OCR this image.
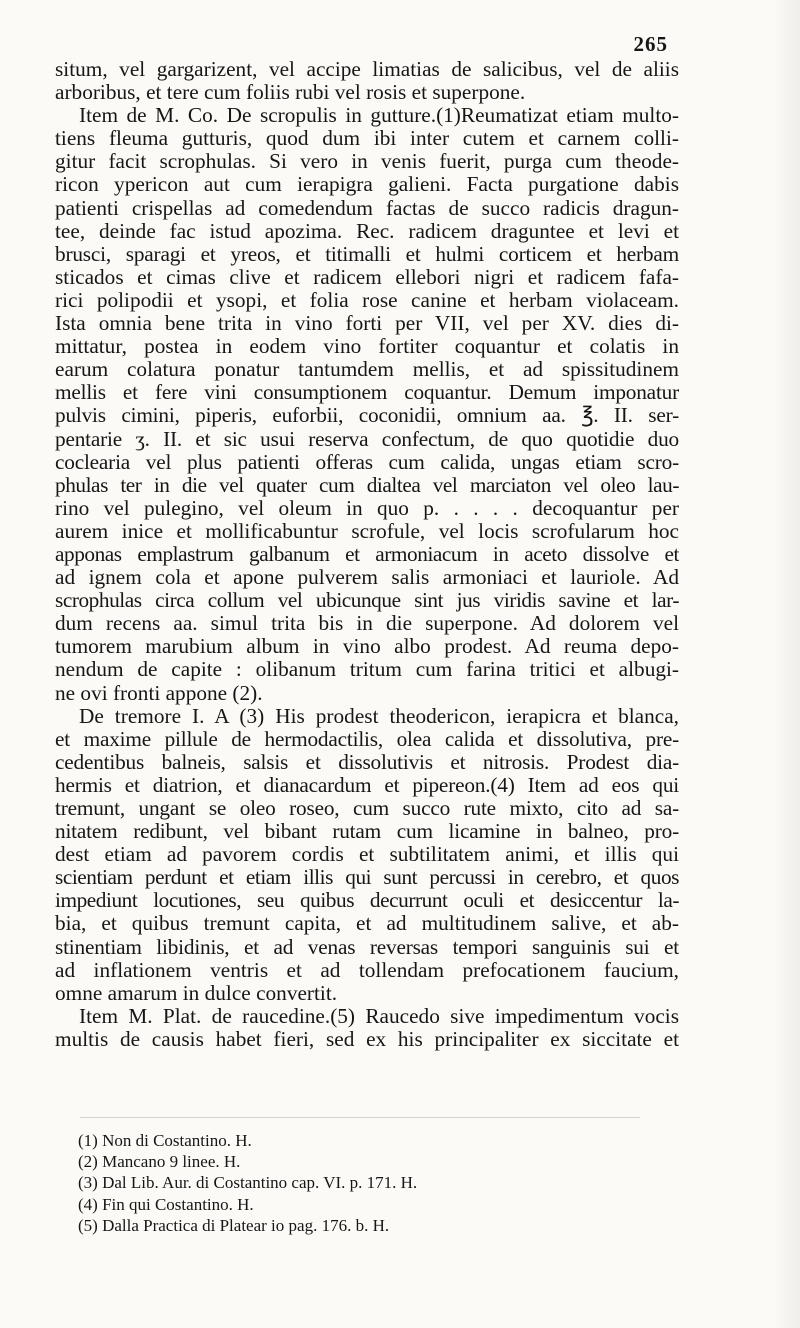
265
situm, vel gargarizent, vel accipe limatias de salicibus, vel de aliis
arboribus, et tere cum foliis rubi vel rosis et superpone.
Item de M. Co. De scropulis in gutture.(1)Reumatizat etiam multo-
tiens fleuma gutturis, quod dum ibi inter cutem et carnem colli-
gitur facit scrophulas. Si vero in venis fuerit, purga cum theode-
ricon ypericon aut cum ierapigra galieni. Facta purgatione dabis
patienti crispellas ad comedendum factas de succo radicis dragun-
tee, deinde fac istud apozima. Rec. radicem draguntee et levi et
brusci, sparagi et yreos, et titimalli et hulmi corticem et herbam
sticados et cimas clive et radicem ellebori nigri et radicem fafa-
rici polipodii et ysopi, et folia rose canine et herbam violaceam.
Ista omnia bene trita in vino forti per VII, vel per XV. dies di-
mittatur, postea in eodem vino fortiter coquantur et colatis in
earum colatura ponatur tantumdem mellis, et ad spissitudinem
mellis et fere vini consumptionem coquantur. Demum imponatur
pulvis cimini, piperis, euforbii, coconidii, omnium aa. ℥. II. ser-
pentarie ʒ. II. et sic usui reserva confectum, de quo quotidie duo
coclearia vel plus patienti offeras cum calida, ungas etiam scro-
phulas ter in die vel quater cum dialtea vel marciaton vel oleo lau-
rino vel pulegino, vel oleum in quo p. . . . . decoquantur per
aurem inice et mollificabuntur scrofule, vel locis scrofularum hoc
apponas emplastrum galbanum et armoniacum in aceto dissolve et
ad ignem cola et apone pulverem salis armoniaci et lauriole. Ad
scrophulas circa collum vel ubicunque sint jus viridis savine et lar-
dum recens aa. simul trita bis in die superpone. Ad dolorem vel
tumorem marubium album in vino albo prodest. Ad reuma depo-
nendum de capite : olibanum tritum cum farina tritici et albugi-
ne ovi fronti appone (2).
De tremore I. A (3) His prodest theodericon, ierapicra et blanca,
et maxime pillule de hermodactilis, olea calida et dissolutiva, pre-
cedentibus balneis, salsis et dissolutivis et nitrosis. Prodest dia-
hermis et diatrion, et dianacardum et pipereon.(4) Item ad eos qui
tremunt, ungant se oleo roseo, cum succo rute mixto, cito ad sa-
nitatem redibunt, vel bibant rutam cum licamine in balneo, pro-
dest etiam ad pavorem cordis et subtilitatem animi, et illis qui
scientiam perdunt et etiam illis qui sunt percussi in cerebro, et quos
impediunt locutiones, seu quibus decurrunt oculi et desiccentur la-
bia, et quibus tremunt capita, et ad multitudinem salive, et ab-
stinentiam libidinis, et ad venas reversas tempori sanguinis sui et
ad inflationem ventris et ad tollendam prefocationem faucium,
omne amarum in dulce convertit.
Item M. Plat. de raucedine.(5) Raucedo sive impedimentum vocis
multis de causis habet fieri, sed ex his principaliter ex siccitate et
(1) Non di Costantino. H.
(2) Mancano 9 linee. H.
(3) Dal Lib. Aur. di Costantino cap. VI. p. 171. H.
(4) Fin qui Costantino. H.
(5) Dalla Practica di Platear io pag. 176. b. H.
